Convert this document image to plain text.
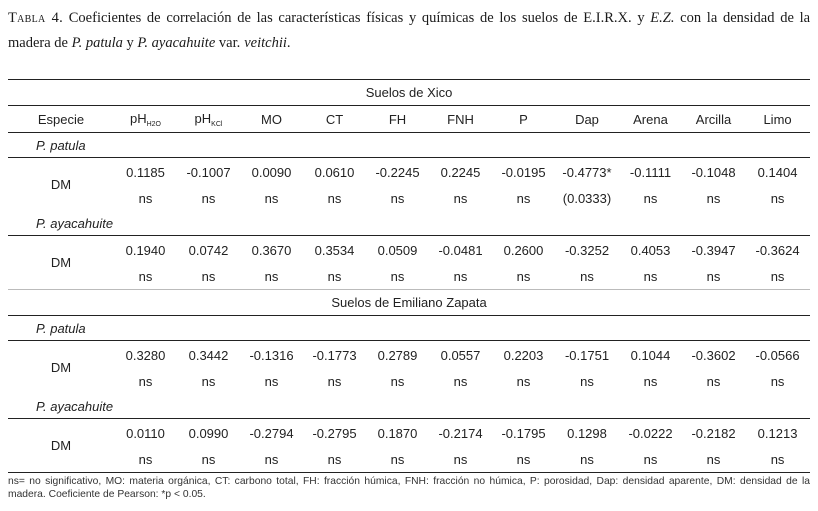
Tabla 4. Coeficientes de correlación de las características físicas y químicas de los suelos de E.I.R.X. y E.Z. con la densidad de la madera de P. patula y P. ayacahuite var. veitchii.
Suelos de Xico											
Especie	$pH_{H2O}$	$pH_{KCl}$	MO	CT	FH	FNH	P	Dap	Arena	Arcilla	Limo
P. patula											
DM	0.1185	-0.1007	0.0090	0.0610	-0.2245	0.2245	-0.0195	-0.4773*	-0.1111	-0.1048	0.1404
	ns	ns	ns	ns	ns	ns	ns	(0.0333)	ns	ns	ns
P. ayacahuite											
DM	0.1940	0.0742	0.3670	0.3534	0.0509	-0.0481	0.2600	-0.3252	0.4053	-0.3947	-0.3624
	ns	ns	ns	ns	ns	ns	ns	ns	ns	ns	ns
Suelos de Emiliano Zapata											
P. patula											
DM	0.3280	0.3442	-0.1316	-0.1773	0.2789	0.0557	0.2203	-0.1751	0.1044	-0.3602	-0.0566
	ns	ns	ns	ns	ns	ns	ns	ns	ns	ns	ns
P. ayacahuite											
DM	0.0110	0.0990	-0.2794	-0.2795	0.1870	-0.2174	-0.1795	0.1298	-0.0222	-0.2182	0.1213
	ns	ns	ns	ns	ns	ns	ns	ns	ns	ns	ns
ns= no significativo, MO: materia orgánica, CT: carbono total, FH: fracción húmica, FNH: fracción no húmica, P: porosidad, Dap: densidad aparente, DM: densidad de la madera. Coeficiente de Pearson: *p < 0.05.
